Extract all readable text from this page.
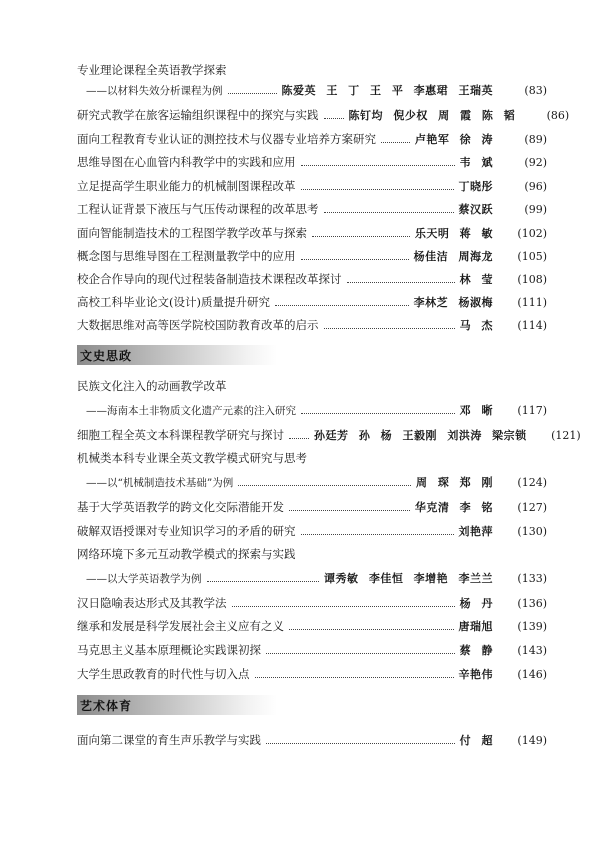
专业理论课程全英语教学探索
——以材料失效分析课程为例	陈爱英 王 丁 王 平 李惠珺 王瑞英	(83)
研究式教学在旅客运输组织课程中的探究与实践	陈钉均 倪少权 周 霞 陈 韬	(86)
面向工程教育专业认证的测控技术与仪器专业培养方案研究	卢艳军 徐 涛	(89)
思维导图在心血管内科教学中的实践和应用	韦 斌	(92)
立足提高学生职业能力的机械制图课程改革	丁晓彤	(96)
工程认证背景下液压与气压传动课程的改革思考	蔡汉跃	(99)
面向智能制造技术的工程图学教学改革与探索	乐天明 蒋 敏	(102)
概念图与思维导图在工程测量教学中的应用	杨佳洁 周海龙	(105)
校企合作导向的现代过程装备制造技术课程改革探讨	林 莹	(108)
高校工科毕业论文(设计)质量提升研究	李林芝 杨淑梅	(111)
大数据思维对高等医学院校国防教育改革的启示	马 杰	(114)
文史思政
民族文化注入的动画教学改革
——海南本土非物质文化遗产元素的注入研究	邓 晰	(117)
细胞工程全英文本科课程教学研究与探讨	孙廷芳 孙 杨 王毅刚 刘洪涛 梁宗锁	(121)
机械类本科专业课全英文教学模式研究与思考
——以“机械制造技术基础”为例	周 琛 郑 刚	(124)
基于大学英语教学的跨文化交际潜能开发	华克清 李 铭	(127)
破解双语授课对专业知识学习的矛盾的研究	刘艳萍	(130)
网络环境下多元互动教学模式的探索与实践
——以大学英语教学为例	谭秀敏 李佳恒 李增艳 李兰兰	(133)
汉日隐喻表达形式及其教学法	杨 丹	(136)
继承和发展是科学发展社会主义应有之义	唐瑞旭	(139)
马克思主义基本原理概论实践课初探	蔡 静	(143)
大学生思政教育的时代性与切入点	辛艳伟	(146)
艺术体育
面向第二课堂的育生声乐教学与实践	付 超	(149)
